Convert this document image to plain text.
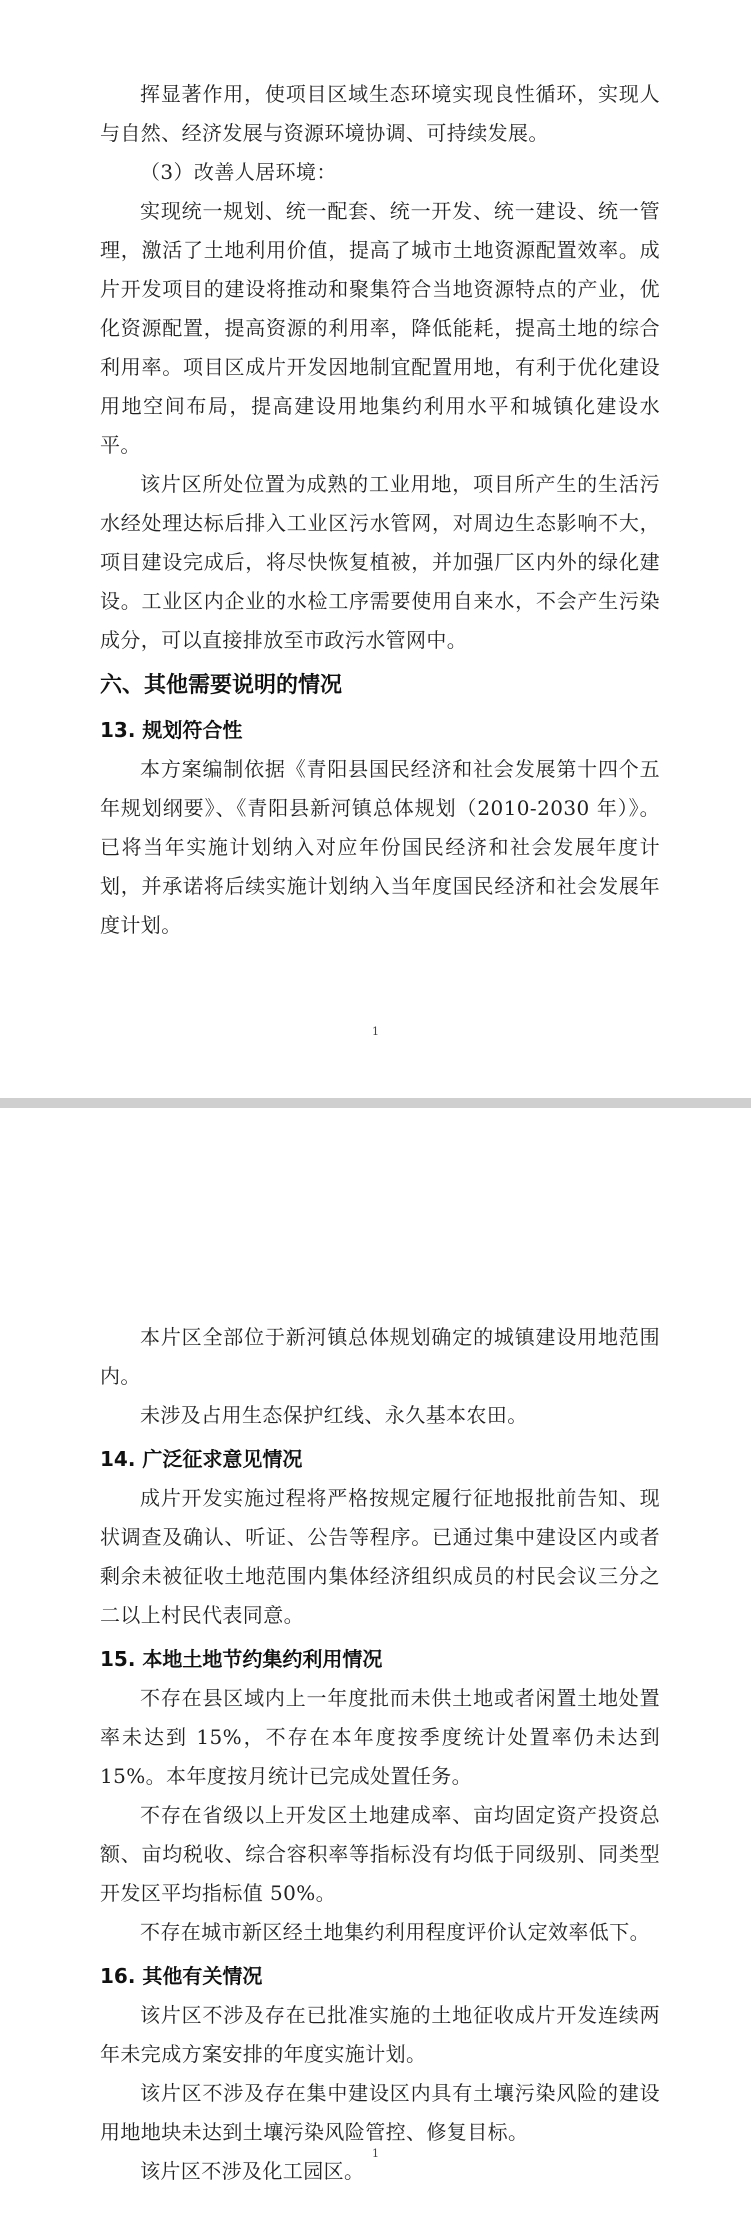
挥显著作用，使项目区域生态环境实现良性循环，实现人与自然、经济发展与资源环境协调、可持续发展。

（3）改善人居环境：

实现统一规划、统一配套、统一开发、统一建设、统一管理，激活了土地利用价值，提高了城市土地资源配置效率。成片开发项目的建设将推动和聚集符合当地资源特点的产业，优化资源配置，提高资源的利用率，降低能耗，提高土地的综合利用率。项目区成片开发因地制宜配置用地，有利于优化建设用地空间布局，提高建设用地集约利用水平和城镇化建设水平。

该片区所处位置为成熟的工业用地，项目所产生的生活污水经处理达标后排入工业区污水管网，对周边生态影响不大，项目建设完成后，将尽快恢复植被，并加强厂区内外的绿化建设。工业区内企业的水检工序需要使用自来水，不会产生污染成分，可以直接排放至市政污水管网中。

六、其他需要说明的情况
13. 规划符合性

本方案编制依据《青阳县国民经济和社会发展第十四个五年规划纲要》、《青阳县新河镇总体规划（2010-2030 年）》。已将当年实施计划纳入对应年份国民经济和社会发展年度计划，并承诺将后续实施计划纳入当年度国民经济和社会发展年度计划。

1

本片区全部位于新河镇总体规划确定的城镇建设用地范围内。

未涉及占用生态保护红线、永久基本农田。

14. 广泛征求意见情况

成片开发实施过程将严格按规定履行征地报批前告知、现状调查及确认、听证、公告等程序。已通过集中建设区内或者剩余未被征收土地范围内集体经济组织成员的村民会议三分之二以上村民代表同意。

15. 本地土地节约集约利用情况

不存在县区域内上一年度批而未供土地或者闲置土地处置率未达到 15%，不存在本年度按季度统计处置率仍未达到 15%。本年度按月统计已完成处置任务。

不存在省级以上开发区土地建成率、亩均固定资产投资总额、亩均税收、综合容积率等指标没有均低于同级别、同类型开发区平均指标值 50%。

不存在城市新区经土地集约利用程度评价认定效率低下。

16. 其他有关情况

该片区不涉及存在已批准实施的土地征收成片开发连续两年未完成方案安排的年度实施计划。

该片区不涉及存在集中建设区内具有土壤污染风险的建设用地地块未达到土壤污染风险管控、修复目标。

该片区不涉及化工园区。

1
